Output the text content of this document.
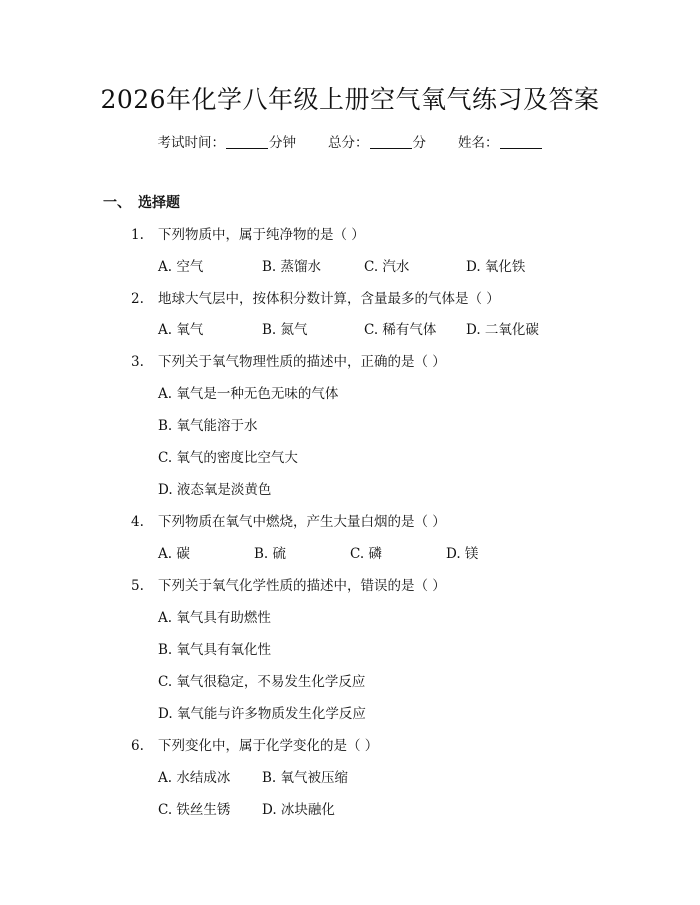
2026年化学八年级上册空气氧气练习及答案
考试时间：	分钟 总分：	分 姓名：
一、 选择题
1. 下列物质中，属于纯净物的是（ ）
A. 空气	B. 蒸馏水	C. 汽水	D. 氧化铁
2. 地球大气层中，按体积分数计算，含量最多的气体是（ ）
A. 氧气	B. 氮气	C. 稀有气体 D. 二氧化碳
3. 下列关于氧气物理性质的描述中，正确的是（ ）
A. 氧气是一种无色无味的气体
B. 氧气能溶于水
C. 氧气的密度比空气大
D. 液态氧是淡黄色
4. 下列物质在氧气中燃烧，产生大量白烟的是（ ）
A. 碳	B. 硫	C. 磷	D. 镁
5. 下列关于氧气化学性质的描述中，错误的是（ ）
A. 氧气具有助燃性
B. 氧气具有氧化性
C. 氧气很稳定，不易发生化学反应
D. 氧气能与许多物质发生化学反应
6. 下列变化中，属于化学变化的是（ ）
A. 水结成冰 B. 氧气被压缩
C. 铁丝生锈 D. 冰块融化
